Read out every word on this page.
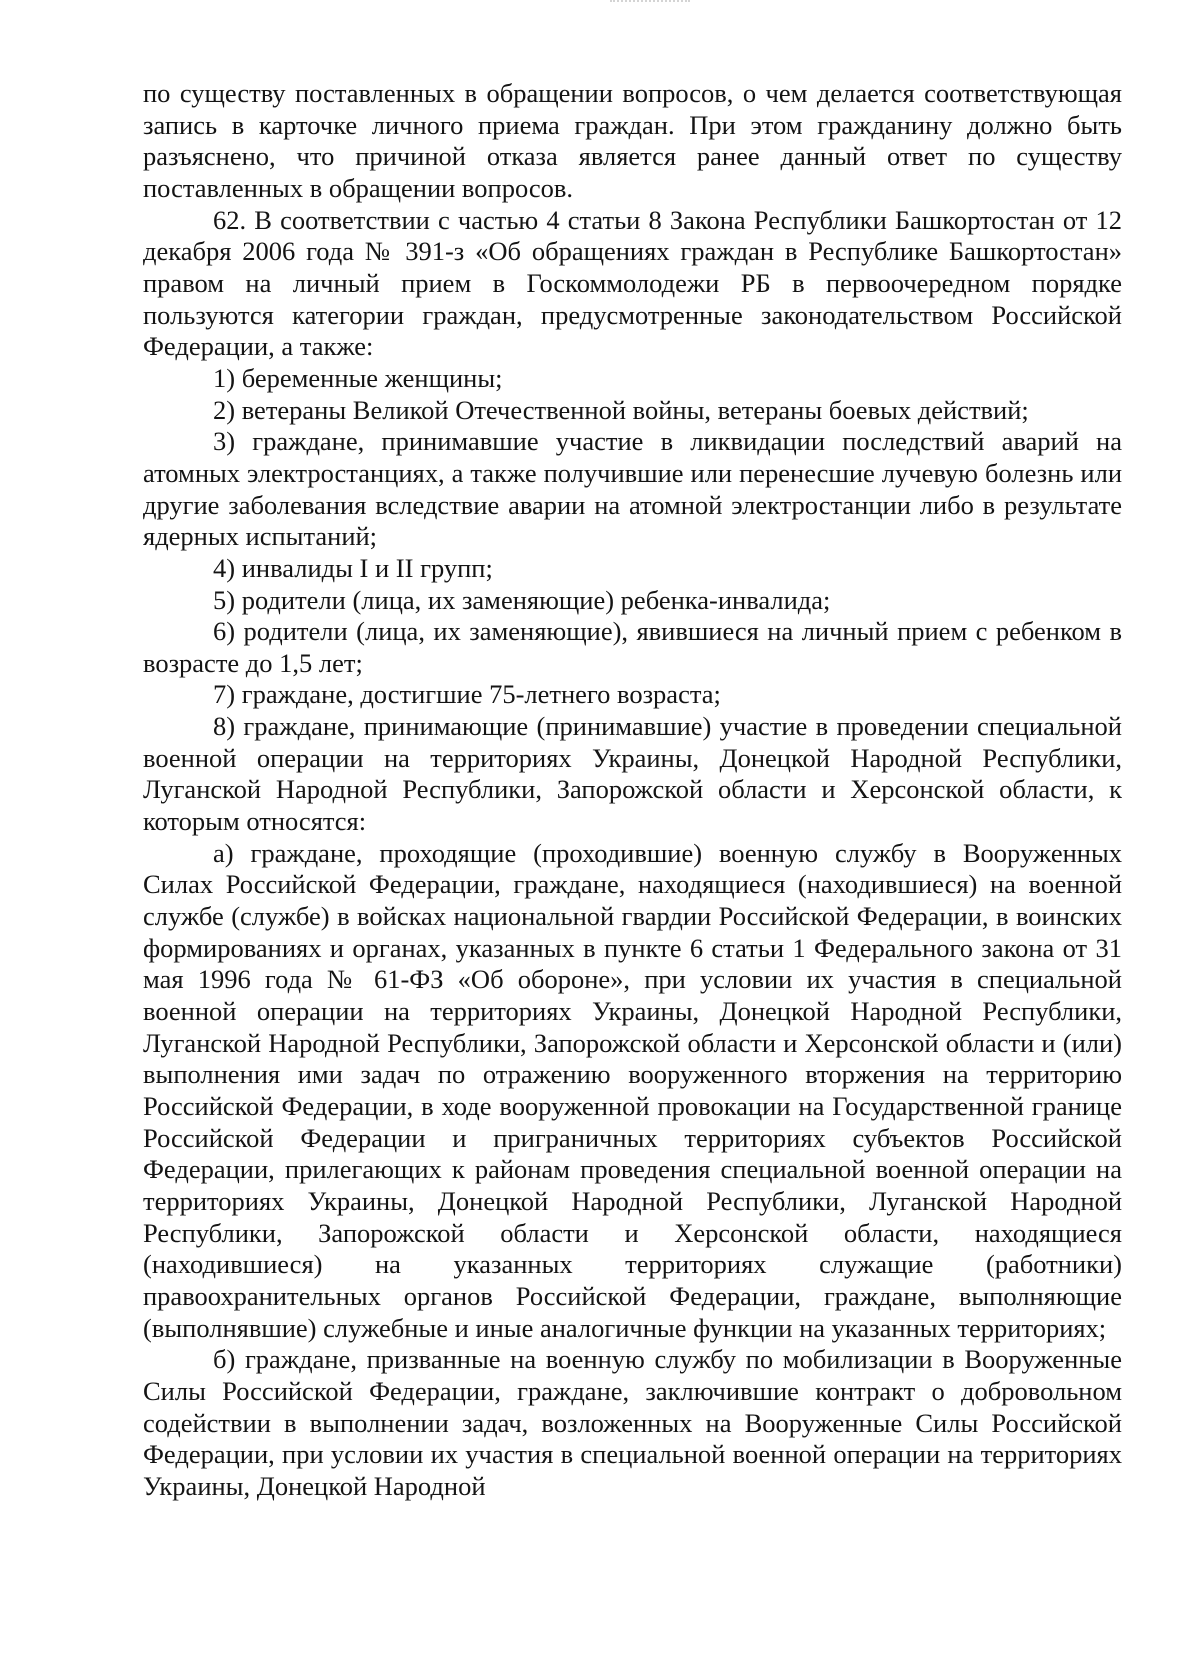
по существу поставленных в обращении вопросов, о чем делается соответствующая запись в карточке личного приема граждан. При этом гражданину должно быть разъяснено, что причиной отказа является ранее данный ответ по существу поставленных в обращении вопросов.

62. В соответствии с частью 4 статьи 8 Закона Республики Башкортостан от 12 декабря 2006 года № 391-з «Об обращениях граждан в Республике Башкортостан» правом на личный прием в Госкоммолодежи РБ в первоочередном порядке пользуются категории граждан, предусмотренные законодательством Российской Федерации, а также:

1) беременные женщины;

2) ветераны Великой Отечественной войны, ветераны боевых действий;

3) граждане, принимавшие участие в ликвидации последствий аварий на атомных электростанциях, а также получившие или перенесшие лучевую болезнь или другие заболевания вследствие аварии на атомной электростанции либо в результате ядерных испытаний;

4) инвалиды I и II групп;

5) родители (лица, их заменяющие) ребенка-инвалида;

6) родители (лица, их заменяющие), явившиеся на личный прием с ребенком в возрасте до 1,5 лет;

7) граждане, достигшие 75-летнего возраста;

8) граждане, принимающие (принимавшие) участие в проведении специальной военной операции на территориях Украины, Донецкой Народной Республики, Луганской Народной Республики, Запорожской области и Херсонской области, к которым относятся:

а) граждане, проходящие (проходившие) военную службу в Вооруженных Силах Российской Федерации, граждане, находящиеся (находившиеся) на военной службе (службе) в войсках национальной гвардии Российской Федерации, в воинских формированиях и органах, указанных в пункте 6 статьи 1 Федерального закона от 31 мая 1996 года № 61-ФЗ «Об обороне», при условии их участия в специальной военной операции на территориях Украины, Донецкой Народной Республики, Луганской Народной Республики, Запорожской области и Херсонской области и (или) выполнения ими задач по отражению вооруженного вторжения на территорию Российской Федерации, в ходе вооруженной провокации на Государственной границе Российской Федерации и приграничных территориях субъектов Российской Федерации, прилегающих к районам проведения специальной военной операции на территориях Украины, Донецкой Народной Республики, Луганской Народной Республики, Запорожской области и Херсонской области, находящиеся (находившиеся) на указанных территориях служащие (работники) правоохранительных органов Российской Федерации, граждане, выполняющие (выполнявшие) служебные и иные аналогичные функции на указанных территориях;

б) граждане, призванные на военную службу по мобилизации в Вооруженные Силы Российской Федерации, граждане, заключившие контракт о добровольном содействии в выполнении задач, возложенных на Вооруженные Силы Российской Федерации, при условии их участия в специальной военной операции на территориях Украины, Донецкой Народной
